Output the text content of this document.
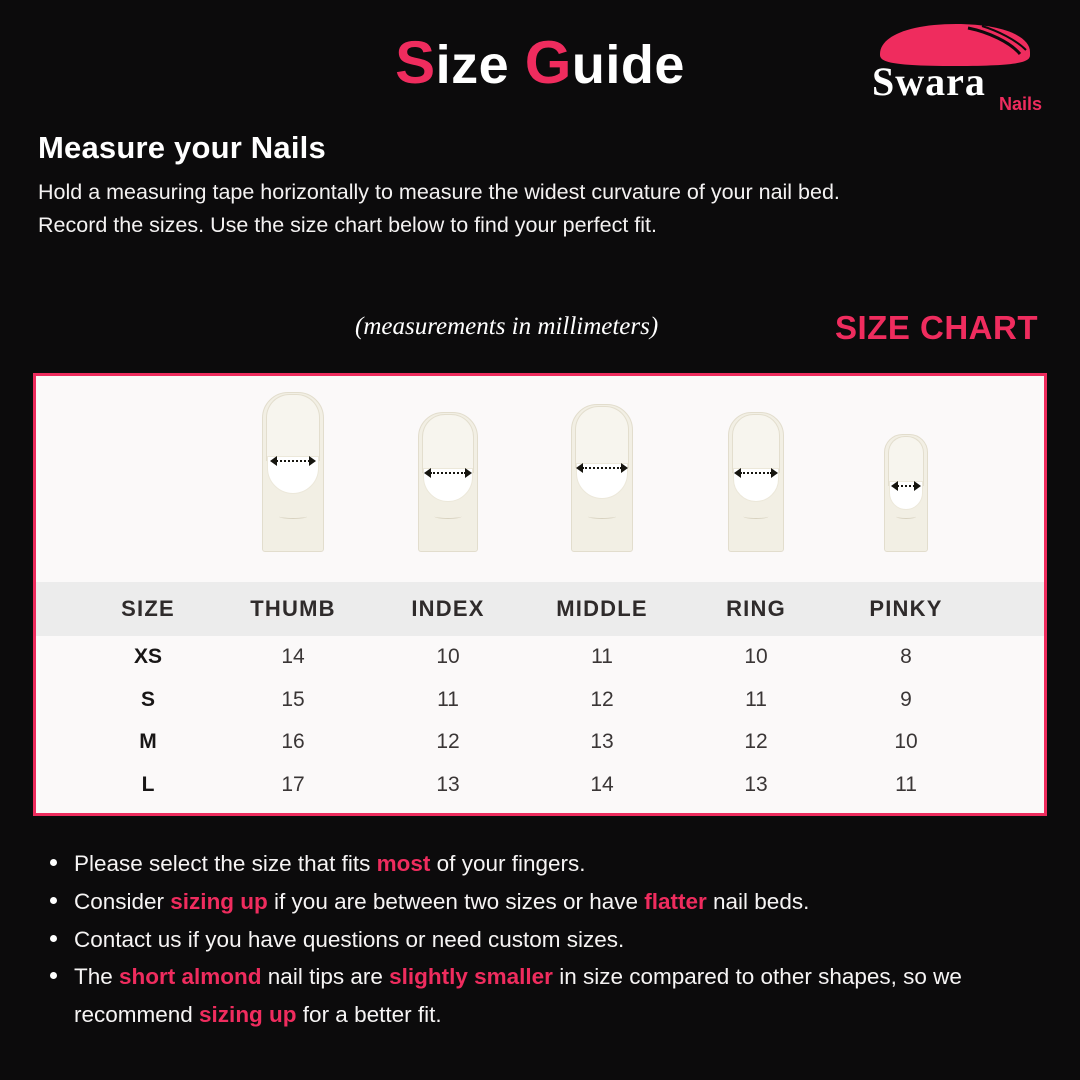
Size Guide	Swara Nails
Measure your Nails

Hold a measuring tape horizontally to measure the widest curvature of your nail bed.

Record the sizes. Use the size chart below to find your perfect fit.

(measurements in millimeters)	SIZE CHART
SIZE	THUMB	INDEX	MIDDLE	RING	PINKY
XS	14	10	11	10	8
S	15	11	12	11	9
M	16	12	13	12	10
L	17	13	14	13	11
Please select the size that fits most of your fingers.
Consider sizing up if you are between two sizes or have flatter nail beds.
Contact us if you have questions or need custom sizes.
The short almond nail tips are slightly smaller in size compared to other shapes, so we recommend sizing up for a better fit.
